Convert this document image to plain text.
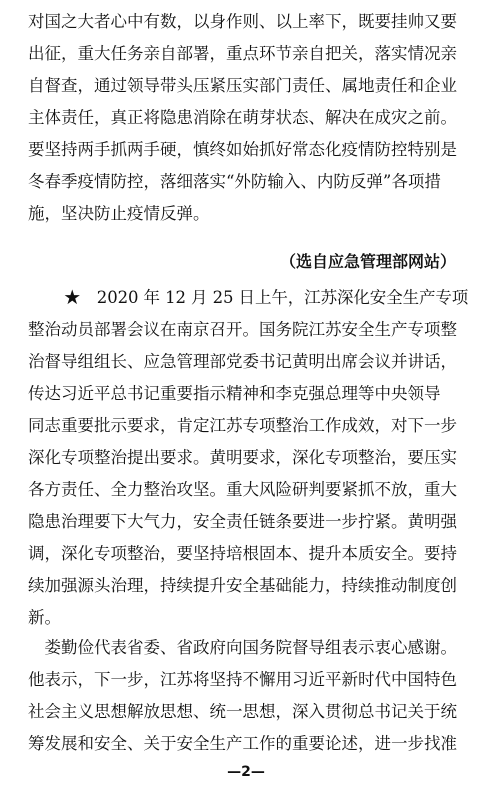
对国之大者心中有数，以身作则、以上率下，既要挂帅又要
出征，重大任务亲自部署，重点环节亲自把关，落实情况亲
自督查，通过领导带头压紧压实部门责任、属地责任和企业
主体责任，真正将隐患消除在萌芽状态、解决在成灾之前。
要坚持两手抓两手硬，慎终如始抓好常态化疫情防控特别是
冬春季疫情防控，落细落实“外防输入、内防反弹”各项措
施，坚决防止疫情反弹。
（选自应急管理部网站）
★　2020 年 12 月 25 日上午，江苏深化安全生产专项
整治动员部署会议在南京召开。国务院江苏安全生产专项整
治督导组组长、应急管理部党委书记黄明出席会议并讲话，
传达习近平总书记重要指示精神和李克强总理等中央领导
同志重要批示要求，肯定江苏专项整治工作成效，对下一步
深化专项整治提出要求。黄明要求，深化专项整治，要压实
各方责任、全力整治攻坚。重大风险研判要紧抓不放，重大
隐患治理要下大气力，安全责任链条要进一步拧紧。黄明强
调，深化专项整治，要坚持培根固本、提升本质安全。要持
续加强源头治理，持续提升安全基础能力，持续推动制度创
新。
　娄勤俭代表省委、省政府向国务院督导组表示衷心感谢。
他表示，下一步，江苏将坚持不懈用习近平新时代中国特色
社会主义思想解放思想、统一思想，深入贯彻总书记关于统
筹发展和安全、关于安全生产工作的重要论述，进一步找准
—2—
